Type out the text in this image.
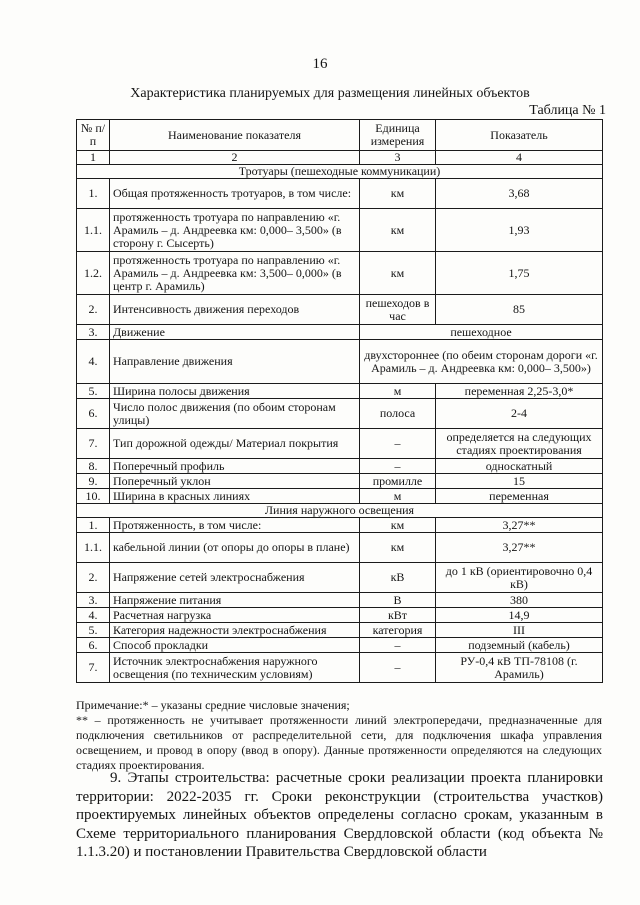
16
Характеристика планируемых для размещения линейных объектов
Таблица № 1
№ п/п	Наименование показателя	Единица измерения	Показатель
1	2	3	4
Тротуары (пешеходные коммуникации)			
1.	Общая протяженность тротуаров, в том числе:	км	3,68
1.1.	протяженность тротуара по направлению «г. Арамиль – д. Андреевка км: 0,000– 3,500» (в сторону г. Сысерть)	км	1,93
1.2.	протяженность тротуара по направлению «г. Арамиль – д. Андреевка км: 3,500– 0,000» (в центр г. Арамиль)	км	1,75
2.	Интенсивность движения переходов	пешеходов в час	85
3.	Движение	пешеходное	
4.	Направление движения	двухстороннее (по обеим сторонам дороги «г. Арамиль – д. Андреевка км: 0,000– 3,500»)	
5.	Ширина полосы движения	м	переменная 2,25-3,0*
6.	Число полос движения (по обоим сторонам улицы)	полоса	2-4
7.	Тип дорожной одежды/ Материал покрытия	–	определяется на следующих стадиях проектирования
8.	Поперечный профиль	–	односкатный
9.	Поперечный уклон	промилле	15
10.	Ширина в красных линиях	м	переменная
Линия наружного освещения			
1.	Протяженность, в том числе:	км	3,27**
1.1.	кабельной линии (от опоры до опоры в плане)	км	3,27**
2.	Напряжение сетей электроснабжения	кВ	до 1 кВ (ориентировочно 0,4 кВ)
3.	Напряжение питания	В	380
4.	Расчетная нагрузка	кВт	14,9
5.	Категория надежности электроснабжения	категория	III
6.	Способ прокладки	–	подземный (кабель)
7.	Источник электроснабжения наружного освещения (по техническим условиям)	–	РУ-0,4 кВ ТП-78108 (г. Арамиль)

Примечание:* – указаны средние числовые значения;

** – протяженность не учитывает протяженности линий электропередачи, предназначенные для подключения светильников от распределительной сети, для подключения шкафа управления освещением, и провод в опору (ввод в опору). Данные протяженности определяются на следующих стадиях проектирования.

9. Этапы строительства: расчетные сроки реализации проекта планировки территории: 2022-2035 гг. Сроки реконструкции (строительства участков) проектируемых линейных объектов определены согласно срокам, указанным в Схеме территориального планирования Свердловской области (код объекта № 1.1.3.20) и постановлении Правительства Свердловской области
